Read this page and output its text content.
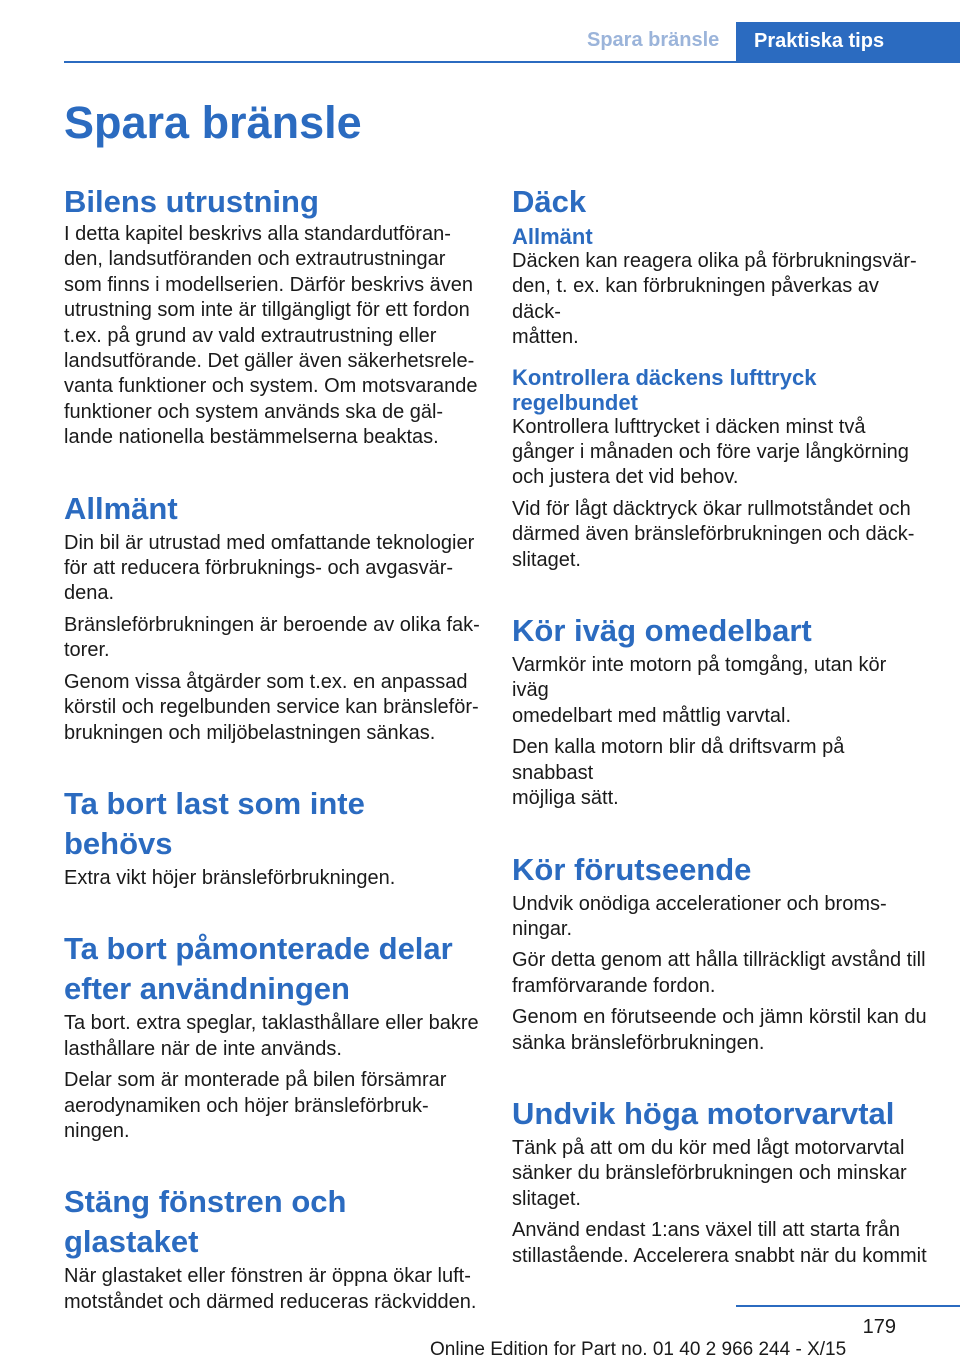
Spara bränsle	Praktiska tips
Spara bränsle
Bilens utrustning

I detta kapitel beskrivs alla standardutföran-
den, landsutföranden och extrautrustningar
som finns i modellserien. Därför beskrivs även
utrustning som inte är tillgängligt för ett fordon
t.ex. på grund av vald extrautrustning eller
landsutförande. Det gäller även säkerhetsrele-
vanta funktioner och system. Om motsvarande
funktioner och system används ska de gäl-
lande nationella bestämmelserna beaktas.

Allmänt

Din bil är utrustad med omfattande teknologier
för att reducera förbruknings- och avgasvär-
dena.

Bränsleförbrukningen är beroende av olika fak-
torer.

Genom vissa åtgärder som t.ex. en anpassad
körstil och regelbunden service kan bränsleför-
brukningen och miljöbelastningen sänkas.

Ta bort last som inte behövs

Extra vikt höjer bränsleförbrukningen.

Ta bort påmonterade delar
efter användningen

Ta bort. extra speglar, taklasthållare eller bakre
lasthållare när de inte används.

Delar som är monterade på bilen försämrar
aerodynamiken och höjer bränsleförbruk-
ningen.

Stäng fönstren och glastaket

När glastaket eller fönstren är öppna ökar luft-
motståndet och därmed reduceras räckvidden.

Däck
Allmänt

Däcken kan reagera olika på förbrukningsvär-
den, t. ex. kan förbrukningen påverkas av däck-
måtten.

Kontrollera däckens lufttryck
regelbundet

Kontrollera lufttrycket i däcken minst två
gånger i månaden och före varje långkörning
och justera det vid behov.

Vid för lågt däcktryck ökar rullmotståndet och
därmed även bränsleförbrukningen och däck-
slitaget.

Kör iväg omedelbart

Varmkör inte motorn på tomgång, utan kör iväg
omedelbart med måttlig varvtal.

Den kalla motorn blir då driftsvarm på snabbast
möjliga sätt.

Kör förutseende

Undvik onödiga accelerationer och broms-
ningar.

Gör detta genom att hålla tillräckligt avstånd till
framförvarande fordon.

Genom en förutseende och jämn körstil kan du
sänka bränsleförbrukningen.

Undvik höga motorvarvtal

Tänk på att om du kör med lågt motorvarvtal
sänker du bränsleförbrukningen och minskar
slitaget.

Använd endast 1:ans växel till att starta från
stillastående. Accelerera snabbt när du kommit

179
Online Edition for Part no. 01 40 2 966 244 - X/15
